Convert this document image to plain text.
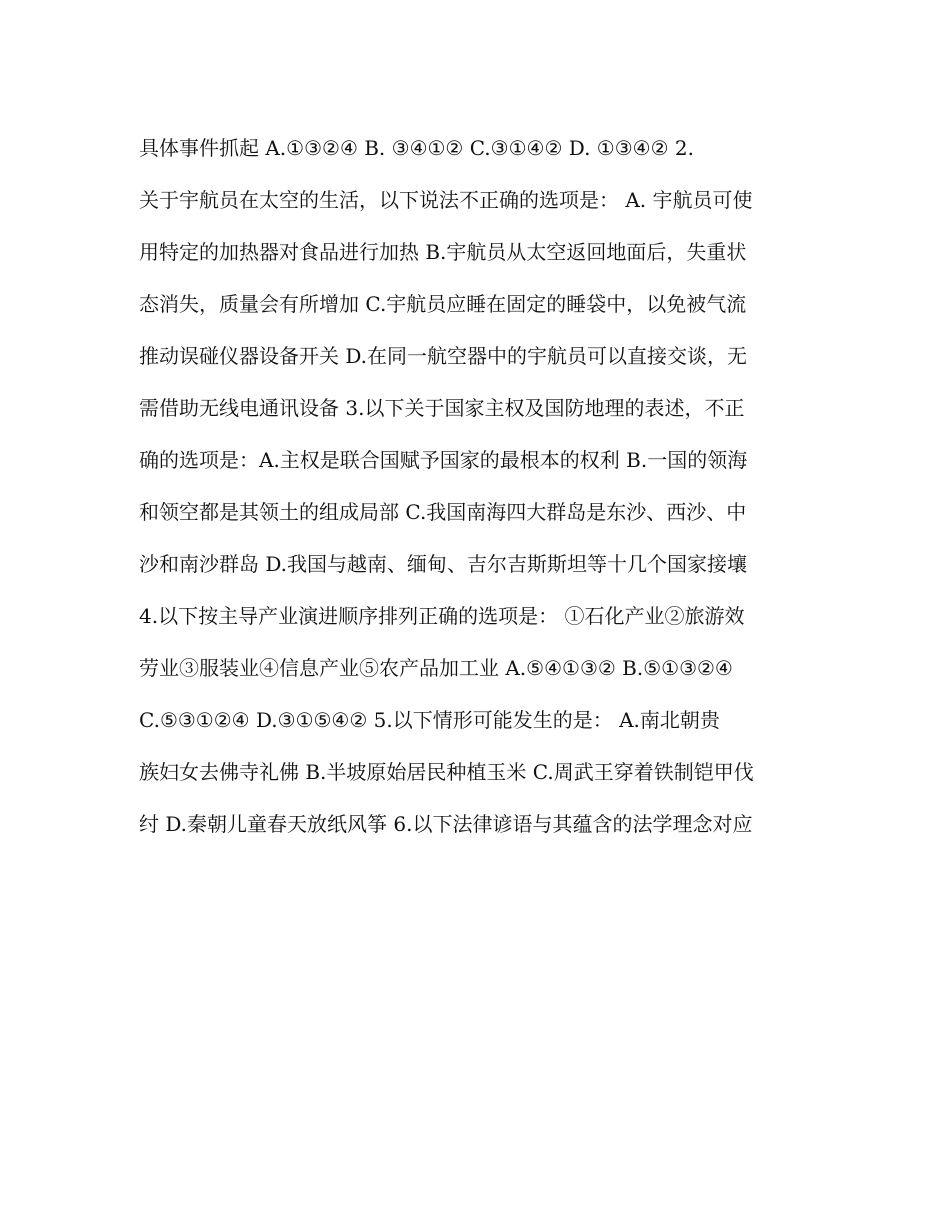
具体事件抓起 A.①③②④ B. ③④①② C.③①④② D. ①③④② 2.

关于宇航员在太空的生活，以下说法不正确的选项是： A. 宇航员可使

用特定的加热器对食品进行加热 B.宇航员从太空返回地面后，失重状

态消失，质量会有所增加 C.宇航员应睡在固定的睡袋中，以免被气流

推动误碰仪器设备开关 D.在同一航空器中的宇航员可以直接交谈，无

需借助无线电通讯设备 3.以下关于国家主权及国防地理的表述，不正

确的选项是：A.主权是联合国赋予国家的最根本的权利 B.一国的领海

和领空都是其领土的组成局部 C.我国南海四大群岛是东沙、西沙、中

沙和南沙群岛 D.我国与越南、缅甸、吉尔吉斯斯坦等十几个国家接壤

4.以下按主导产业演进顺序排列正确的选项是： ①石化产业②旅游效

劳业③服装业④信息产业⑤农产品加工业 A.⑤④①③② B.⑤①③②④

C.⑤③①②④ D.③①⑤④② 5.以下情形可能发生的是： A.南北朝贵

族妇女去佛寺礼佛 B.半坡原始居民种植玉米 C.周武王穿着铁制铠甲伐

纣 D.秦朝儿童春天放纸风筝 6.以下法律谚语与其蕴含的法学理念对应
